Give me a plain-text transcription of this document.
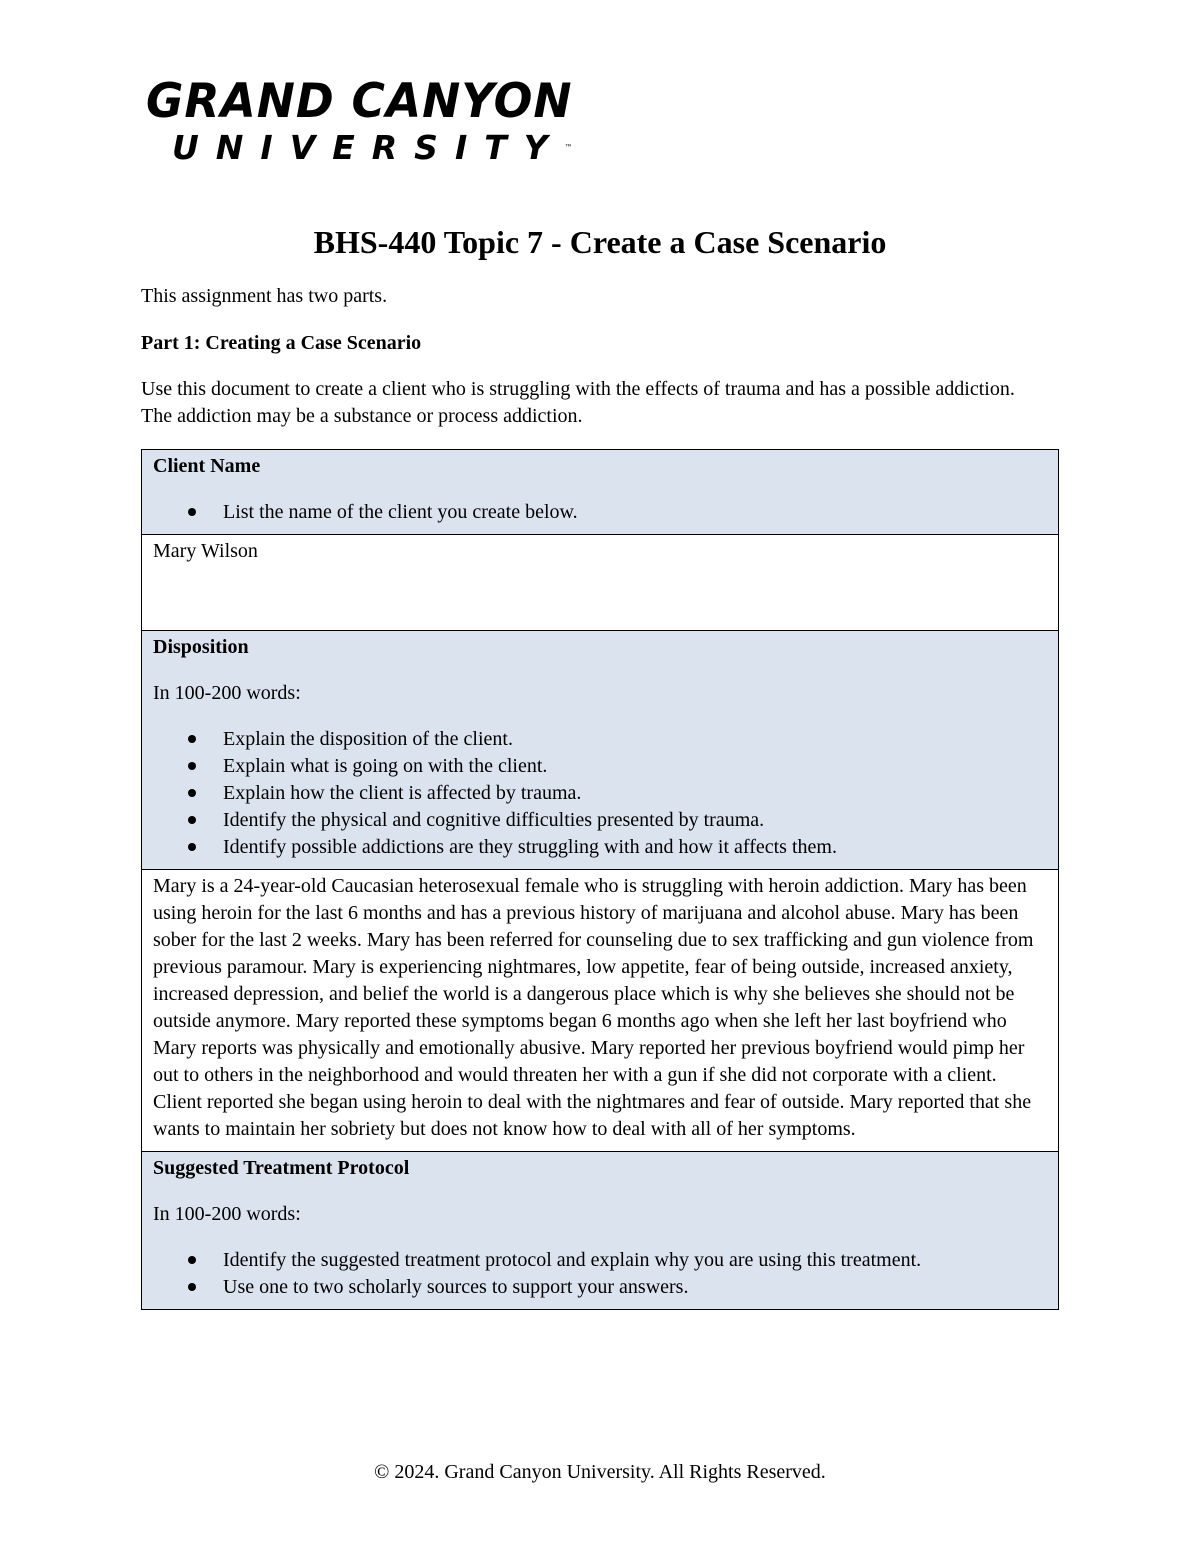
GRAND CANYON
UNIVERSITY™
BHS-440 Topic 7 - Create a Case Scenario

This assignment has two parts.

Part 1: Creating a Case Scenario

Use this document to create a client who is struggling with the effects of trauma and has a possible addiction. The addiction may be a substance or process addiction.

Client Name

List the name of the client you create below.

Mary Wilson

Disposition

In 100-200 words:

Explain the disposition of the client.
Explain what is going on with the client.
Explain how the client is affected by trauma.
Identify the physical and cognitive difficulties presented by trauma.
Identify possible addictions are they struggling with and how it affects them.

Mary is a 24-year-old Caucasian heterosexual female who is struggling with heroin addiction. Mary has been using heroin for the last 6 months and has a previous history of marijuana and alcohol abuse. Mary has been sober for the last 2 weeks. Mary has been referred for counseling due to sex trafficking and gun violence from previous paramour. Mary is experiencing nightmares, low appetite, fear of being outside, increased anxiety, increased depression, and belief the world is a dangerous place which is why she believes she should not be outside anymore. Mary reported these symptoms began 6 months ago when she left her last boyfriend who Mary reports was physically and emotionally abusive. Mary reported her previous boyfriend would pimp her out to others in the neighborhood and would threaten her with a gun if she did not corporate with a client. Client reported she began using heroin to deal with the nightmares and fear of outside. Mary reported that she wants to maintain her sobriety but does not know how to deal with all of her symptoms.

Suggested Treatment Protocol

In 100-200 words:

Identify the suggested treatment protocol and explain why you are using this treatment.
Use one to two scholarly sources to support your answers.
© 2024. Grand Canyon University. All Rights Reserved.
